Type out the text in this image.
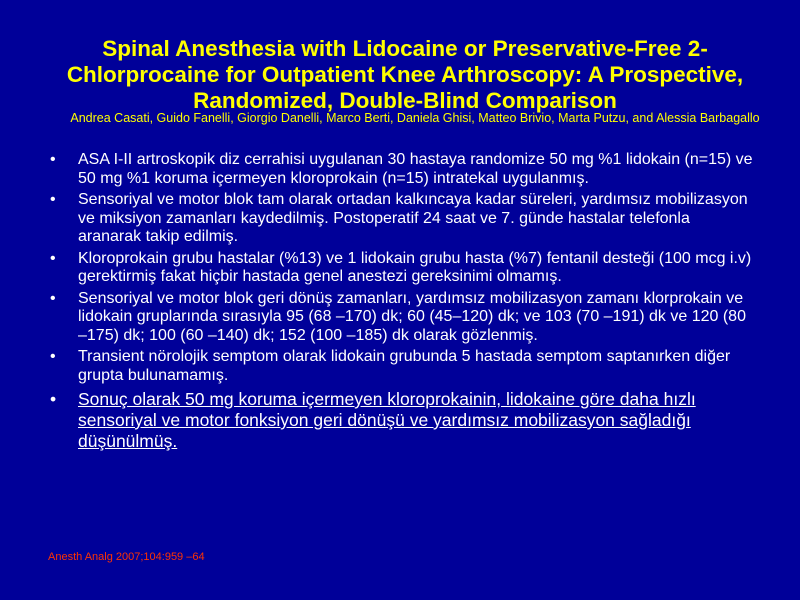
Spinal Anesthesia with Lidocaine or Preservative-Free 2-Chlorprocaine for Outpatient Knee Arthroscopy: A Prospective, Randomized, Double-Blind Comparison

Andrea Casati, Guido Fanelli, Giorgio Danelli, Marco Berti, Daniela Ghisi, Matteo Brivio, Marta Putzu, and Alessia Barbagallo

•	ASA I-II artroskopik diz cerrahisi uygulanan 30 hastaya randomize 50 mg %1 lidokain (n=15) ve 50 mg %1 koruma içermeyen kloroprokain (n=15) intratekal uygulanmış.
•	Sensoriyal ve motor blok tam olarak ortadan kalkıncaya kadar süreleri, yardımsız mobilizasyon ve miksiyon zamanları kaydedilmiş. Postoperatif 24 saat ve 7. günde hastalar telefonla aranarak takip edilmiş.
•	Kloroprokain grubu hastalar (%13) ve 1 lidokain grubu hasta (%7) fentanil desteği (100 mcg i.v) gerektirmiş fakat hiçbir hastada genel anestezi gereksinimi olmamış.
•	Sensoriyal ve motor blok geri dönüş zamanları, yardımsız mobilizasyon zamanı klorprokain ve lidokain gruplarında sırasıyla 95 (68 –170) dk; 60 (45–120) dk; ve 103 (70 –191) dk ve 120 (80 –175) dk; 100 (60 –140) dk; 152 (100 –185) dk olarak gözlenmiş.
•	Transient nörolojik semptom olarak lidokain grubunda 5 hastada semptom saptanırken diğer grupta bulunamamış.
•	Sonuç olarak 50 mg koruma içermeyen kloroprokainin, lidokaine göre daha hızlı sensoriyal ve motor fonksiyon geri dönüşü ve yardımsız mobilizasyon sağladığı düşünülmüş.

Anesth Analg 2007;104:959 –64
